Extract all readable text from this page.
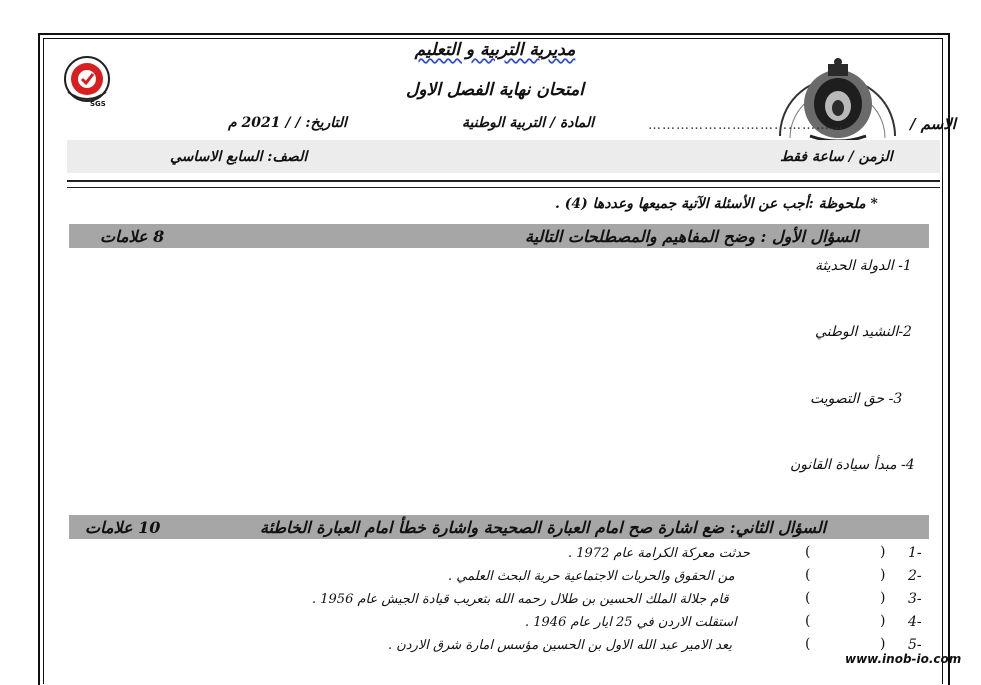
SGS
مديرية التربية و التعليم
امتحان نهاية الفصل الاول
الاسم /
……………………………………
المادة / التربية الوطنية
التاريخ: / / 2021 م
الزمن / ساعة فقط
الصف: السابع الاساسي
* ملحوظة :أجب عن الأسئلة الآتية جميعها وعددها (4) .
السؤال الأول : وضح المفاهيم والمصطلحات التالية
8 علامات
1- الدولة الحديثة
2-النشيد الوطني
3- حق التصويت
4- مبدأ سيادة القانون
السؤال الثاني: ضع اشارة صح امام العبارة الصحيحة واشارة خطأ امام العبارة الخاطئة
10 علامات
1-
)
(
حدثت معركة الكرامة عام 1972 .
2-
)
(
من الحقوق والحريات الاجتماعية حرية البحث العلمي .
3-
)
(
قام جلالة الملك الحسين بن طلال رحمه الله بتعريب قيادة الجيش عام 1956 .
4-
)
(
استقلت الاردن في 25 ايار عام 1946 .
5-
)
(
يعد الامير عبد الله الاول بن الحسين مؤسس امارة شرق الاردن .
www.inob-io.com
